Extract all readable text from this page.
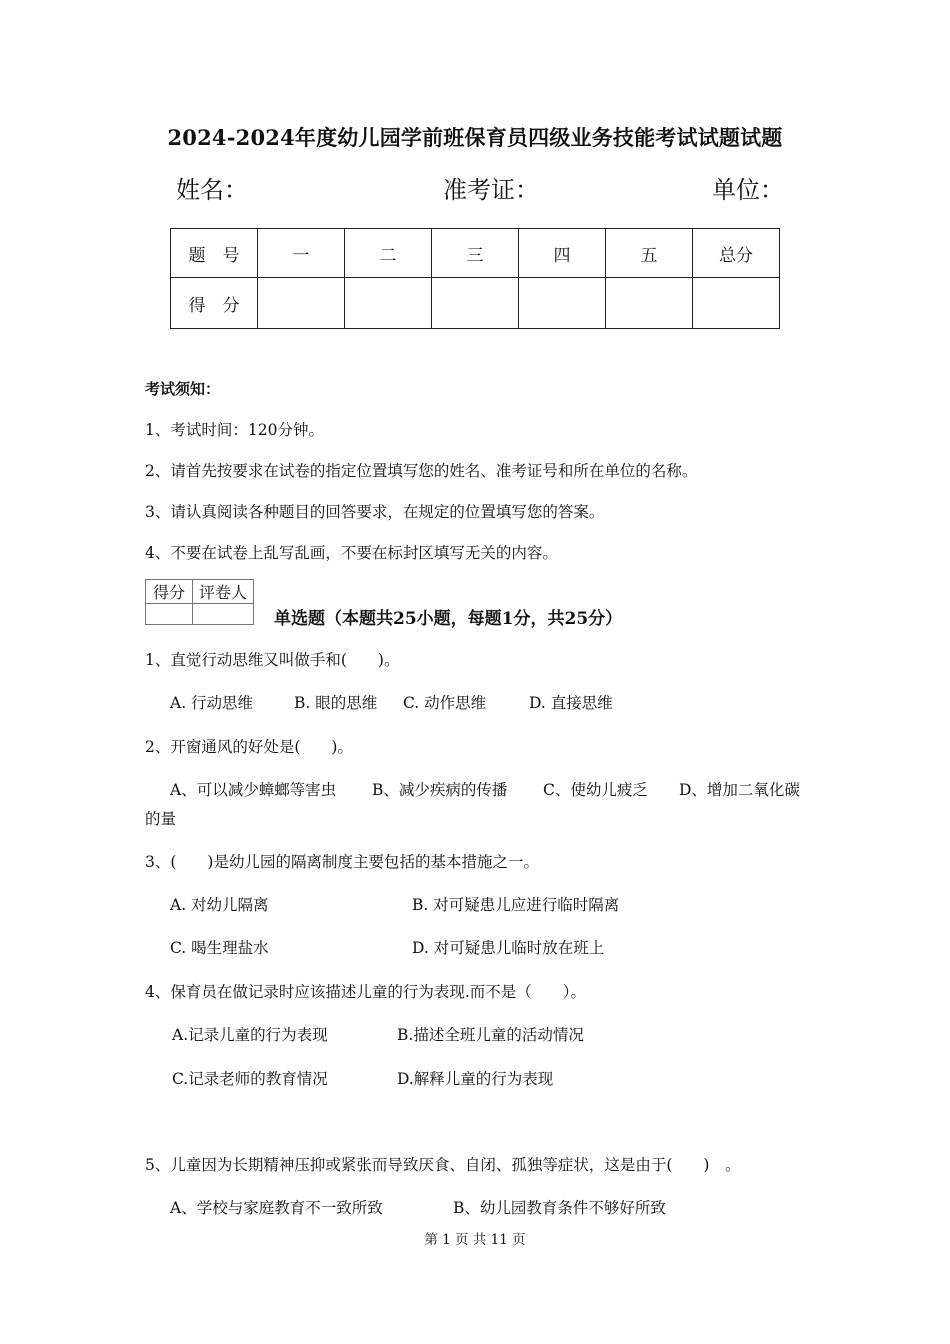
2024-2024年度幼儿园学前班保育员四级业务技能考试试题试题
姓名：	准考证：	单位：
题　号	一	二	三	四	五	总分
得　分						
考试须知：
1、考试时间：120分钟。
2、请首先按要求在试卷的指定位置填写您的姓名、准考证号和所在单位的名称。
3、请认真阅读各种题目的回答要求，在规定的位置填写您的答案。
4、不要在试卷上乱写乱画，不要在标封区填写无关的内容。
得分	评卷人

单选题（本题共25小题，每题1分，共25分）
1、直觉行动思维又叫做手和(　　)。
A. 行动思维	B. 眼的思维 C. 动作思维	D. 直接思维
2、开窗通风的好处是(　　)。
A、可以减少蟑螂等害虫 B、减少疾病的传播 C、使幼儿疲乏 D、增加二氧化碳
的量
3、(　　)是幼儿园的隔离制度主要包括的基本措施之一。
A. 对幼儿隔离	B. 对可疑患儿应进行临时隔离
C. 喝生理盐水	D. 对可疑患儿临时放在班上
4、保育员在做记录时应该描述儿童的行为表现.而不是（　　）。
A.记录儿童的行为表现	B.描述全班儿童的活动情况
C.记录老师的教育情况	D.解释儿童的行为表现
5、儿童因为长期精神压抑或紧张而导致厌食、自闭、孤独等症状，这是由于(　　)　。
A、学校与家庭教育不一致所致	B、幼儿园教育条件不够好所致
第 1 页 共 11 页
